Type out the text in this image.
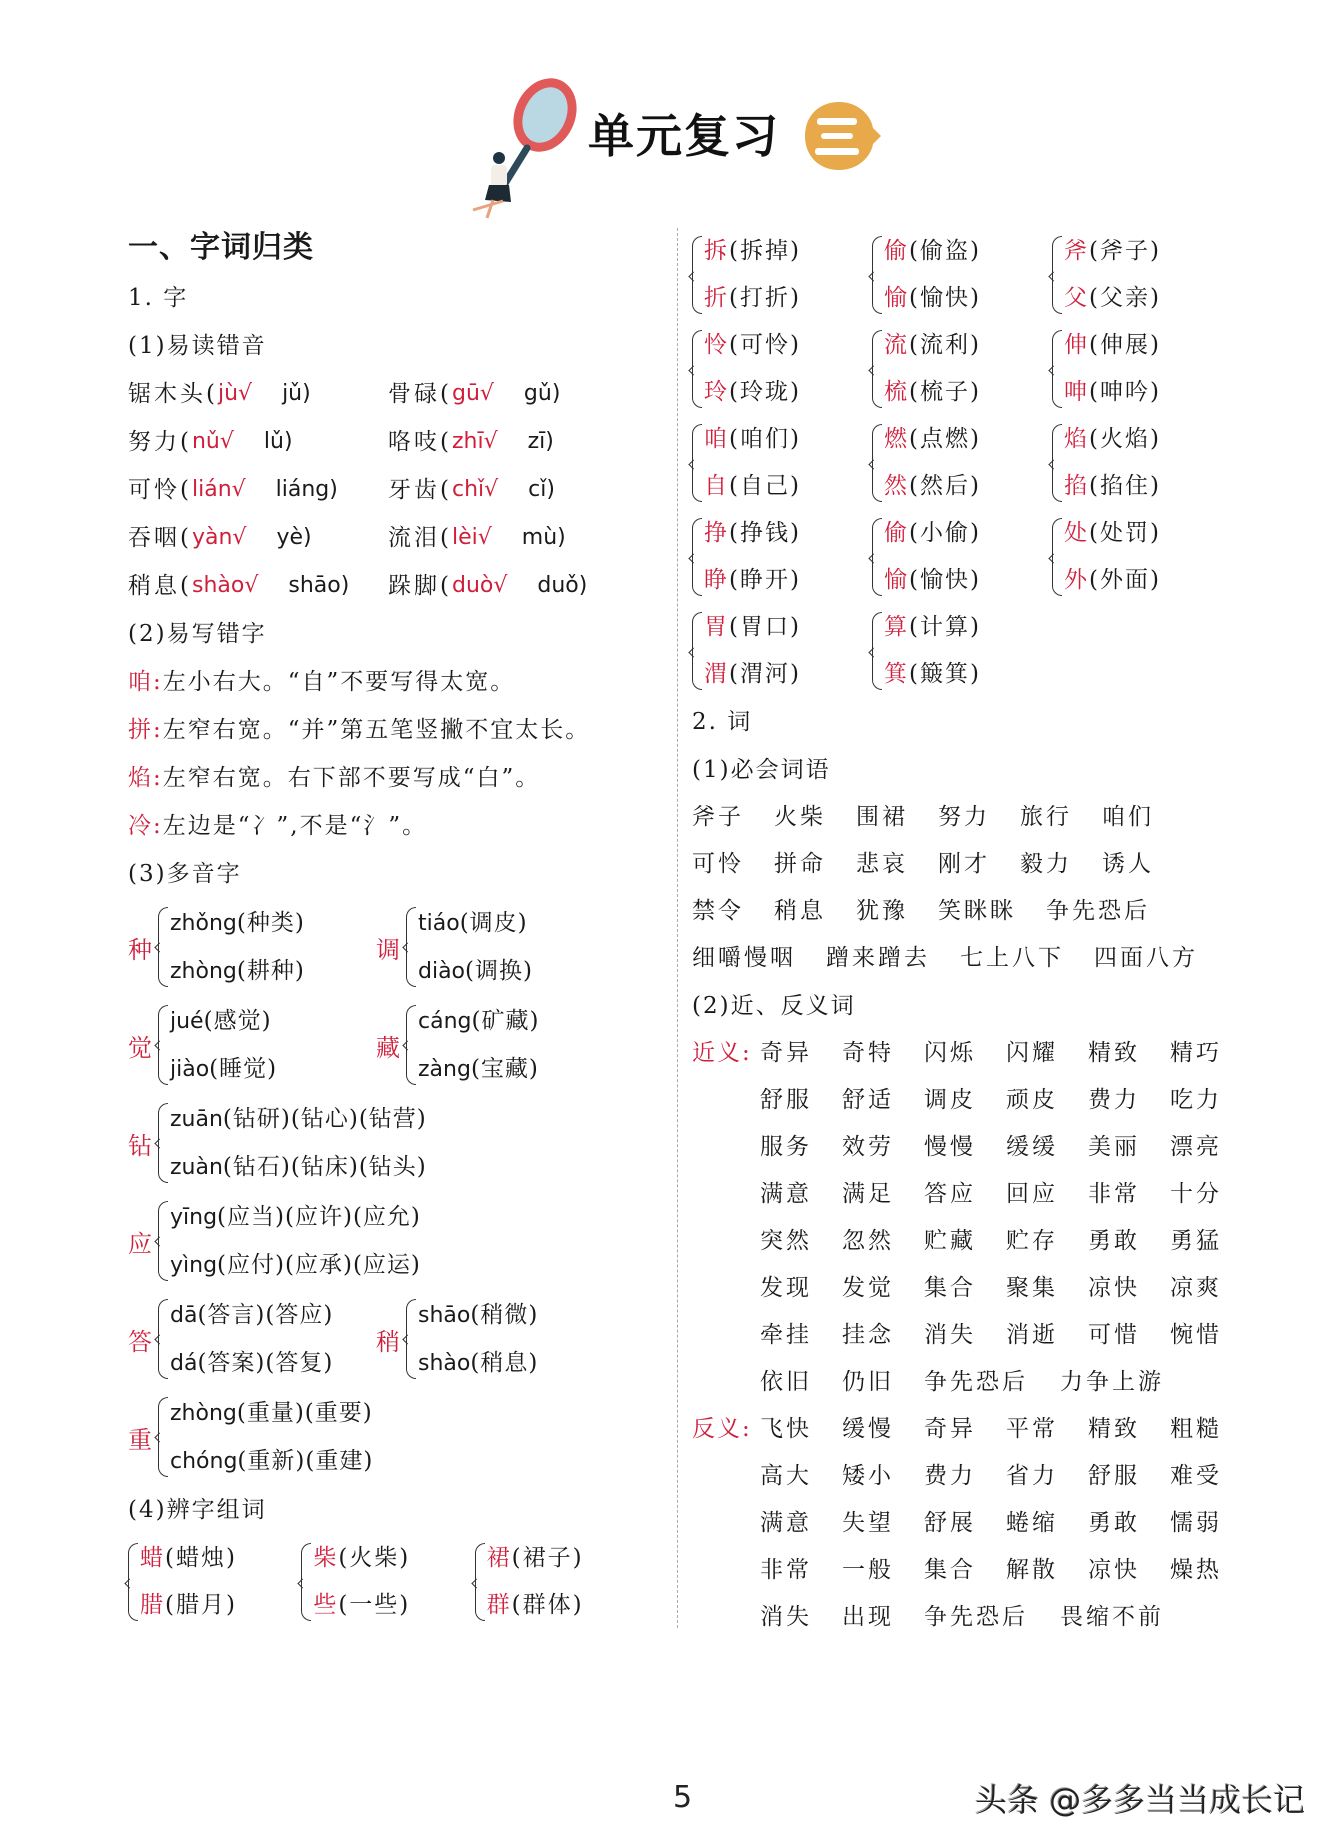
单元复习
一、字词归类
1. 字
(1)易读错音
锯木头( jù√ jǔ)	骨碌( gū√ gǔ)
努力( nǔ√ lǔ)	咯吱( zhī√ zī)
可怜( lián√ liáng) 牙齿( chǐ√ cǐ)
吞咽( yàn√ yè)	流泪( lèi√ mù)
稍息( shào√ shāo) 跺脚( duò√ duǒ)
(2)易写错字
咱:左小右大。“自”不要写得太宽。
拼:左窄右宽。“并”第五笔竖撇不宜太长。
焰:左窄右宽。右下部不要写成“白”。
冷:左边是“冫”,不是“氵”。
(3)多音字
种
zhǒng(种类)
zhòng(耕种)
调
tiáo(调皮)
diào(调换)
觉
jué(感觉)
jiào(睡觉)
藏
cáng(矿藏)
zàng(宝藏)
钻
zuān(钻研)(钻心)(钻营)
zuàn(钻石)(钻床)(钻头)
应
yīng(应当)(应许)(应允)
yìng(应付)(应承)(应运)
答
dā(答言)(答应)
dá(答案)(答复)
稍
shāo(稍微)
shào(稍息)
重
zhòng(重量)(重要)
chóng(重新)(重建)
(4)辨字组词
蜡(蜡烛)
腊(腊月)
柴(火柴)
些(一些)
裙(裙子)
群(群体)
拆(拆掉)
折(打折)
偷(偷盗)
愉(愉快)
斧(斧子)
父(父亲)
怜(可怜)
玲(玲珑)
流(流利)
梳(梳子)
伸(伸展)
呻(呻吟)
咱(咱们)
自(自己)
燃(点燃)
然(然后)
焰(火焰)
掐(掐住)
挣(挣钱)
睁(睁开)
偷(小偷)
愉(愉快)
处(处罚)
外(外面)
胃(胃口)
渭(渭河)
算(计算)
箕(簸箕)
2. 词
(1)必会词语
斧子 火柴 围裙 努力 旅行 咱们
可怜 拼命 悲哀 刚才 毅力 诱人
禁令 稍息 犹豫 笑眯眯 争先恐后
细嚼慢咽 蹭来蹭去 七上八下 四面八方
(2)近、反义词
近义: 奇异	奇特	闪烁	闪耀	精致	精巧
舒服	舒适	调皮	顽皮	费力	吃力
服务	效劳	慢慢	缓缓	美丽	漂亮
满意	满足	答应	回应	非常	十分
突然	忽然	贮藏	贮存	勇敢	勇猛
发现	发觉	集合	聚集	凉快	凉爽
牵挂	挂念	消失	消逝	可惜	惋惜
依旧	仍旧	争先恐后	力争上游
反义: 飞快	缓慢	奇异	平常	精致	粗糙
高大	矮小	费力	省力	舒服	难受
满意	失望	舒展	蜷缩	勇敢	懦弱
非常	一般	集合	解散	凉快	燥热
消失	出现	争先恐后	畏缩不前
5	头条 @多多当当成长记
